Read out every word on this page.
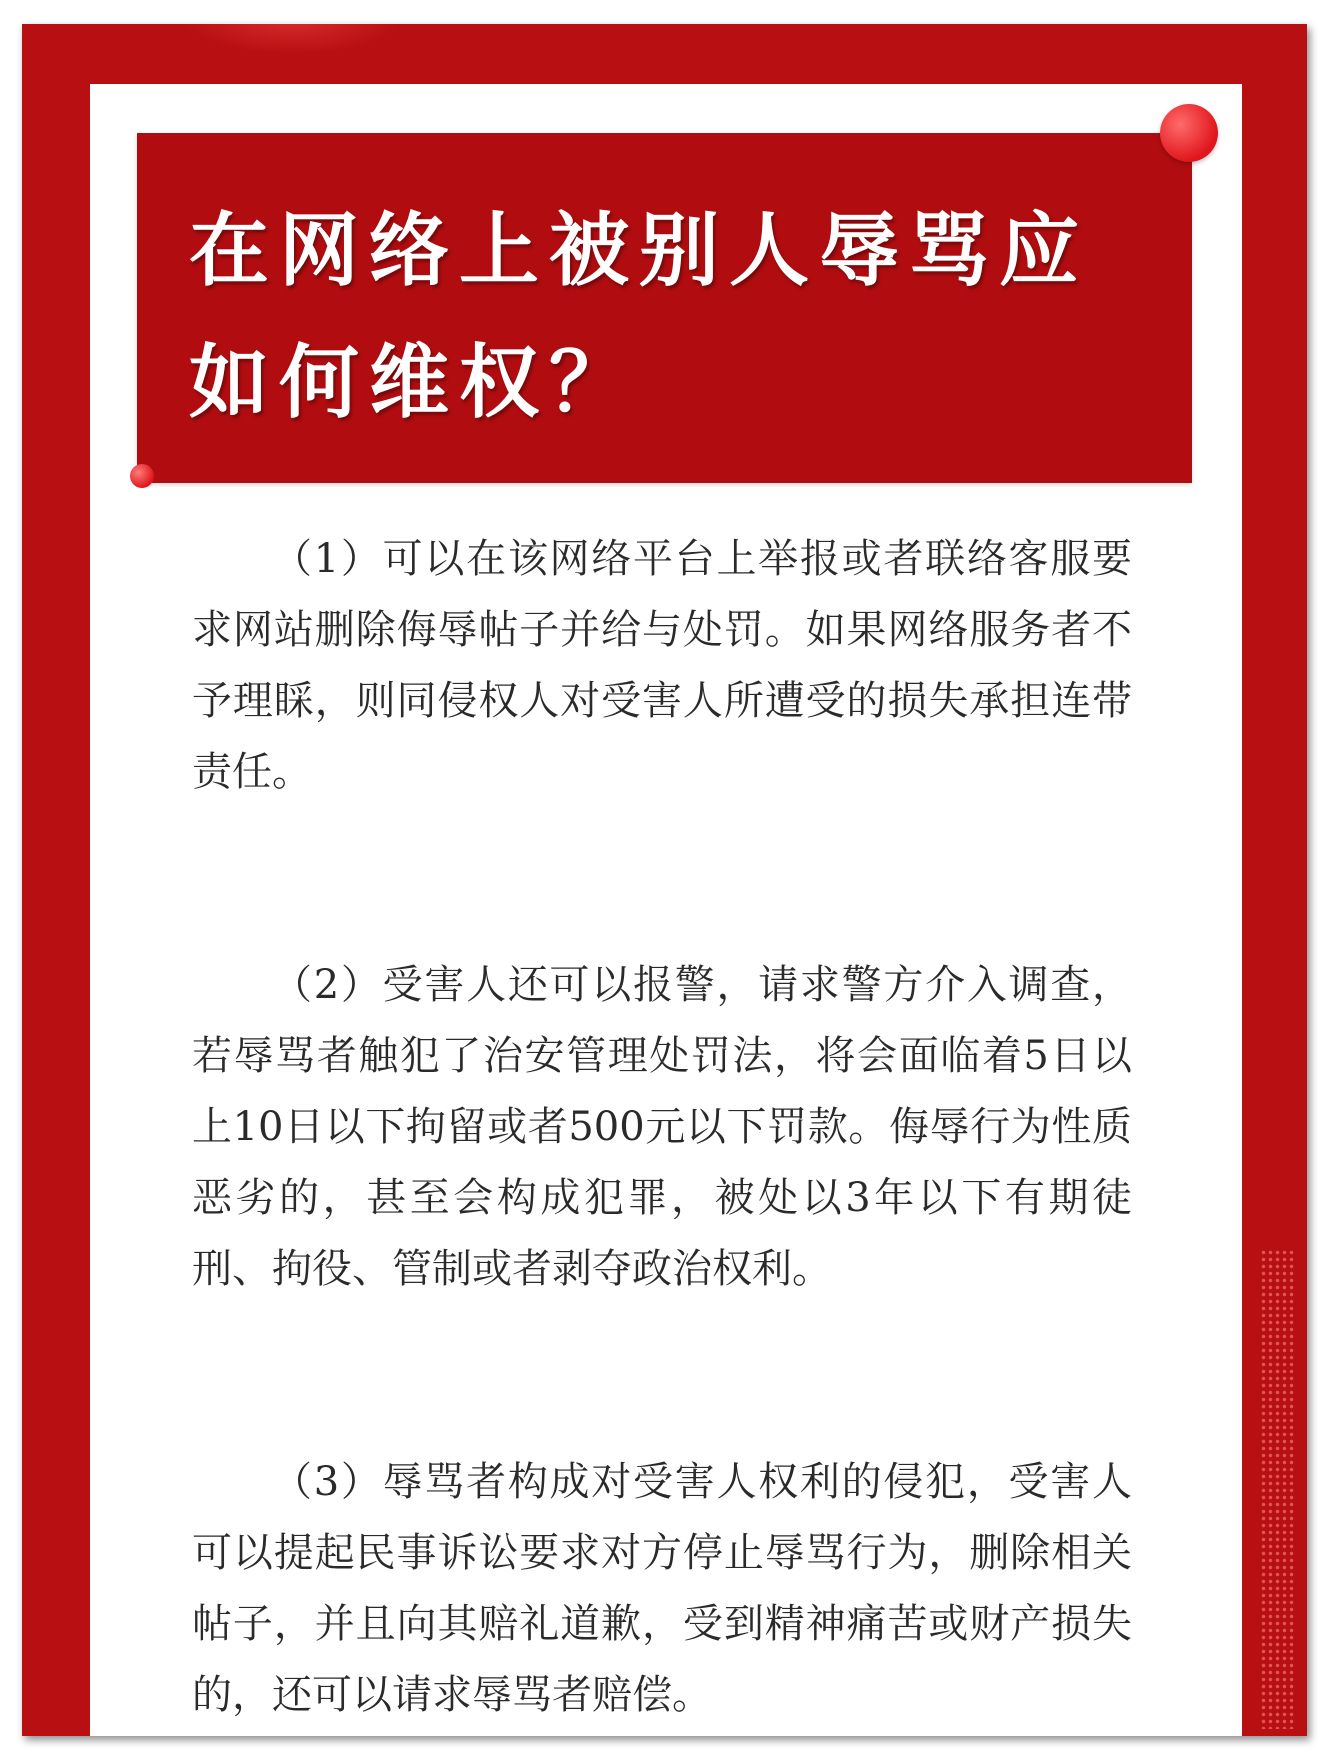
在网络上被别人辱骂应如何维权？

（1）可以在该网络平台上举报或者联络客服要求网站删除侮辱帖子并给与处罚。如果网络服务者不予理睬，则同侵权人对受害人所遭受的损失承担连带责任。

（2）受害人还可以报警，请求警方介入调查，若辱骂者触犯了治安管理处罚法，将会面临着5日以上10日以下拘留或者500元以下罚款。侮辱行为性质恶劣的，甚至会构成犯罪，被处以3年以下有期徒刑、拘役、管制或者剥夺政治权利。

（3）辱骂者构成对受害人权利的侵犯，受害人可以提起民事诉讼要求对方停止辱骂行为，删除相关帖子，并且向其赔礼道歉，受到精神痛苦或财产损失的，还可以请求辱骂者赔偿。
